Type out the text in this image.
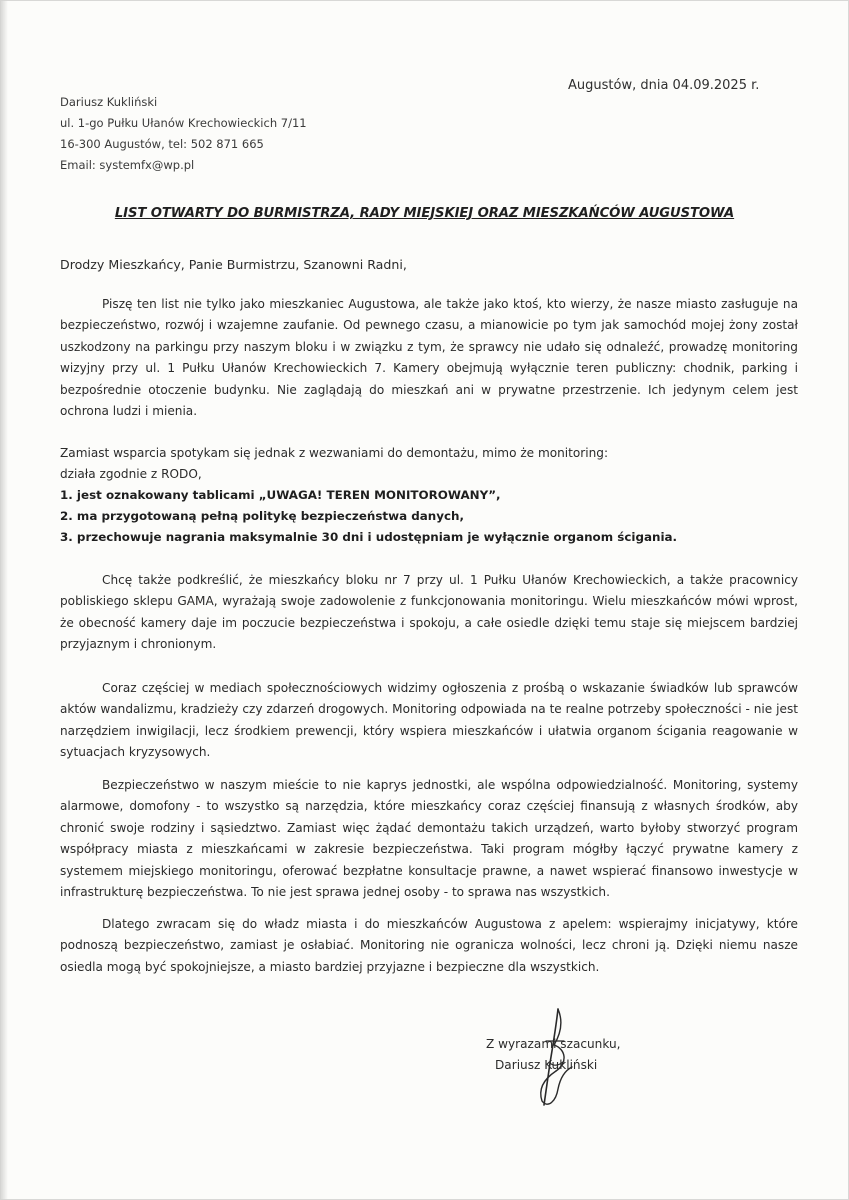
Dariusz Kukliński
ul. 1-go Pułku Ułanów Krechowieckich 7/11
16-300 Augustów, tel: 502 871 665
Email: systemfx@wp.pl
Augustów, dnia 04.09.2025 r.
LIST OTWARTY DO BURMISTRZA, RADY MIEJSKIEJ ORAZ MIESZKAŃCÓW AUGUSTOWA
Drodzy Mieszkańcy, Panie Burmistrzu, Szanowni Radni,
Piszę ten list nie tylko jako mieszkaniec Augustowa, ale także jako ktoś, kto wierzy, że nasze miasto zasługuje na bezpieczeństwo, rozwój i wzajemne zaufanie. Od pewnego czasu, a mianowicie po tym jak samochód mojej żony został uszkodzony na parkingu przy naszym bloku i w związku z tym, że sprawcy nie udało się odnaleźć, prowadzę monitoring wizyjny przy ul. 1 Pułku Ułanów Krechowieckich 7. Kamery obejmują wyłącznie teren publiczny: chodnik, parking i bezpośrednie otoczenie budynku. Nie zaglądają do mieszkań ani w prywatne przestrzenie. Ich jedynym celem jest ochrona ludzi i mienia.
Zamiast wsparcia spotykam się jednak z wezwaniami do demontażu, mimo że monitoring:
działa zgodnie z RODO,
1. jest oznakowany tablicami „UWAGA! TEREN MONITOROWANY”,
2. ma przygotowaną pełną politykę bezpieczeństwa danych,
3. przechowuje nagrania maksymalnie 30 dni i udostępniam je wyłącznie organom ścigania.
Chcę także podkreślić, że mieszkańcy bloku nr 7 przy ul. 1 Pułku Ułanów Krechowieckich, a także pracownicy pobliskiego sklepu GAMA, wyrażają swoje zadowolenie z funkcjonowania monitoringu. Wielu mieszkańców mówi wprost, że obecność kamery daje im poczucie bezpieczeństwa i spokoju, a całe osiedle dzięki temu staje się miejscem bardziej przyjaznym i chronionym.
Coraz częściej w mediach społecznościowych widzimy ogłoszenia z prośbą o wskazanie świadków lub sprawców aktów wandalizmu, kradzieży czy zdarzeń drogowych. Monitoring odpowiada na te realne potrzeby społeczności - nie jest narzędziem inwigilacji, lecz środkiem prewencji, który wspiera mieszkańców i ułatwia organom ścigania reagowanie w sytuacjach kryzysowych.
Bezpieczeństwo w naszym mieście to nie kaprys jednostki, ale wspólna odpowiedzialność. Monitoring, systemy alarmowe, domofony - to wszystko są narzędzia, które mieszkańcy coraz częściej finansują z własnych środków, aby chronić swoje rodziny i sąsiedztwo. Zamiast więc żądać demontażu takich urządzeń, warto byłoby stworzyć program współpracy miasta z mieszkańcami w zakresie bezpieczeństwa. Taki program mógłby łączyć prywatne kamery z systemem miejskiego monitoringu, oferować bezpłatne konsultacje prawne, a nawet wspierać finansowo inwestycje w infrastrukturę bezpieczeństwa. To nie jest sprawa jednej osoby - to sprawa nas wszystkich.
Dlatego zwracam się do władz miasta i do mieszkańców Augustowa z apelem: wspierajmy inicjatywy, które podnoszą bezpieczeństwo, zamiast je osłabiać. Monitoring nie ogranicza wolności, lecz chroni ją. Dzięki niemu nasze osiedla mogą być spokojniejsze, a miasto bardziej przyjazne i bezpieczne dla wszystkich.
Z wyrazami szacunku,
Dariusz Kukliński
